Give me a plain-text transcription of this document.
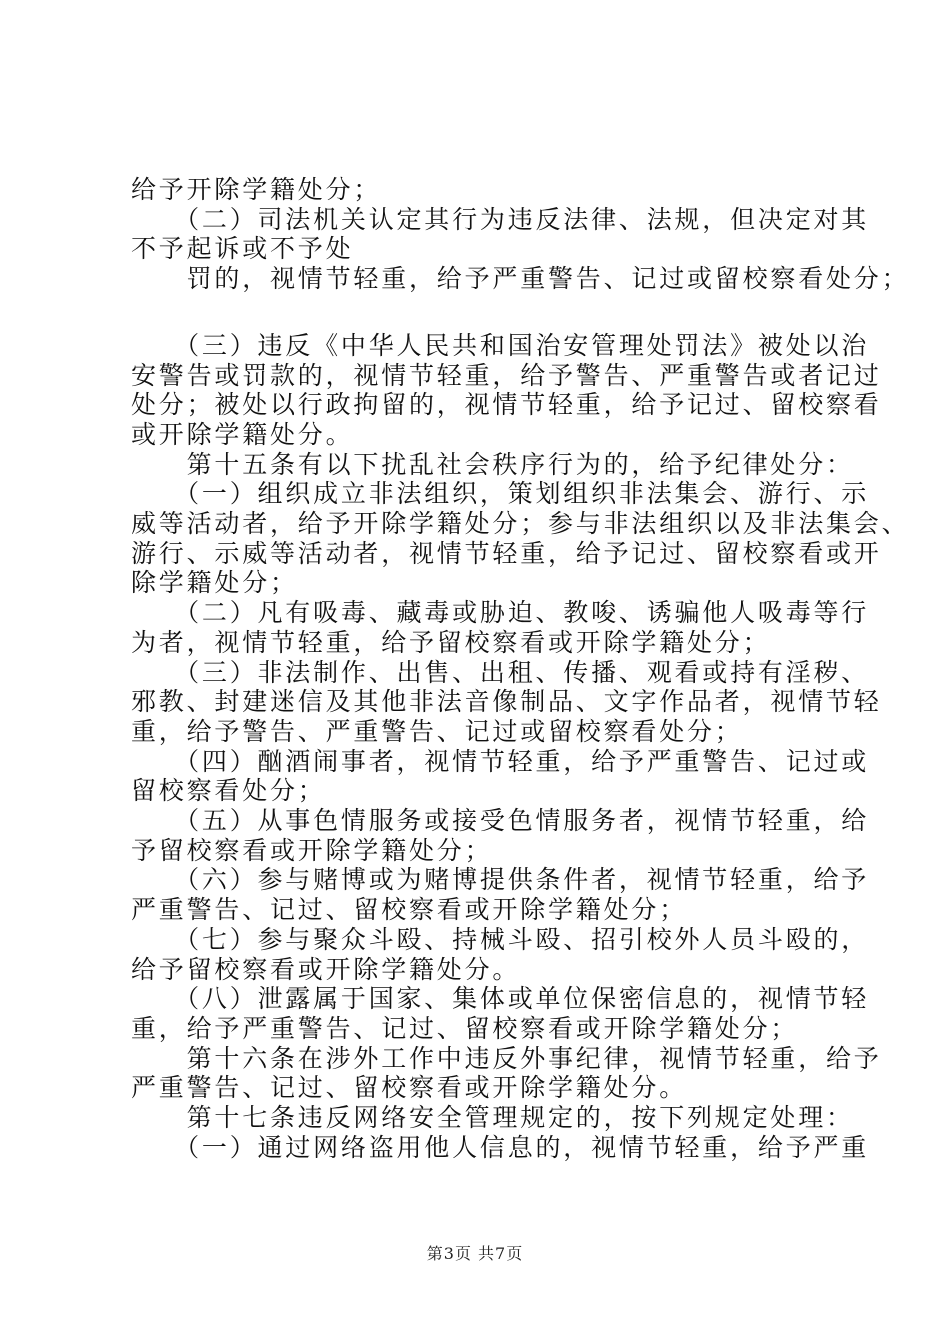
给予开除学籍处分；

　　（二）司法机关认定其行为违反法律、法规，但决定对其

不予起诉或不予处

　　罚的，视情节轻重，给予严重警告、记过或留校察看处分；

　　（三）违反《中华人民共和国治安管理处罚法》被处以治

安警告或罚款的，视情节轻重，给予警告、严重警告或者记过

处分；被处以行政拘留的，视情节轻重，给予记过、留校察看

或开除学籍处分。

　　第十五条有以下扰乱社会秩序行为的，给予纪律处分：

　　（一）组织成立非法组织，策划组织非法集会、游行、示

威等活动者，给予开除学籍处分；参与非法组织以及非法集会、

游行、示威等活动者，视情节轻重，给予记过、留校察看或开

除学籍处分；

　　（二）凡有吸毒、藏毒或胁迫、教唆、诱骗他人吸毒等行

为者，视情节轻重，给予留校察看或开除学籍处分；

　　（三）非法制作、出售、出租、传播、观看或持有淫秽、

邪教、封建迷信及其他非法音像制品、文字作品者，视情节轻

重，给予警告、严重警告、记过或留校察看处分；

　　（四）酗酒闹事者，视情节轻重，给予严重警告、记过或

留校察看处分；

　　（五）从事色情服务或接受色情服务者，视情节轻重，给

予留校察看或开除学籍处分；

　　（六）参与赌博或为赌博提供条件者，视情节轻重，给予

严重警告、记过、留校察看或开除学籍处分；

　　（七）参与聚众斗殴、持械斗殴、招引校外人员斗殴的，

给予留校察看或开除学籍处分。

　　（八）泄露属于国家、集体或单位保密信息的，视情节轻

重，给予严重警告、记过、留校察看或开除学籍处分；

　　第十六条在涉外工作中违反外事纪律，视情节轻重，给予

严重警告、记过、留校察看或开除学籍处分。

　　第十七条违反网络安全管理规定的，按下列规定处理：

　　（一）通过网络盗用他人信息的，视情节轻重，给予严重

第3页 共7页
